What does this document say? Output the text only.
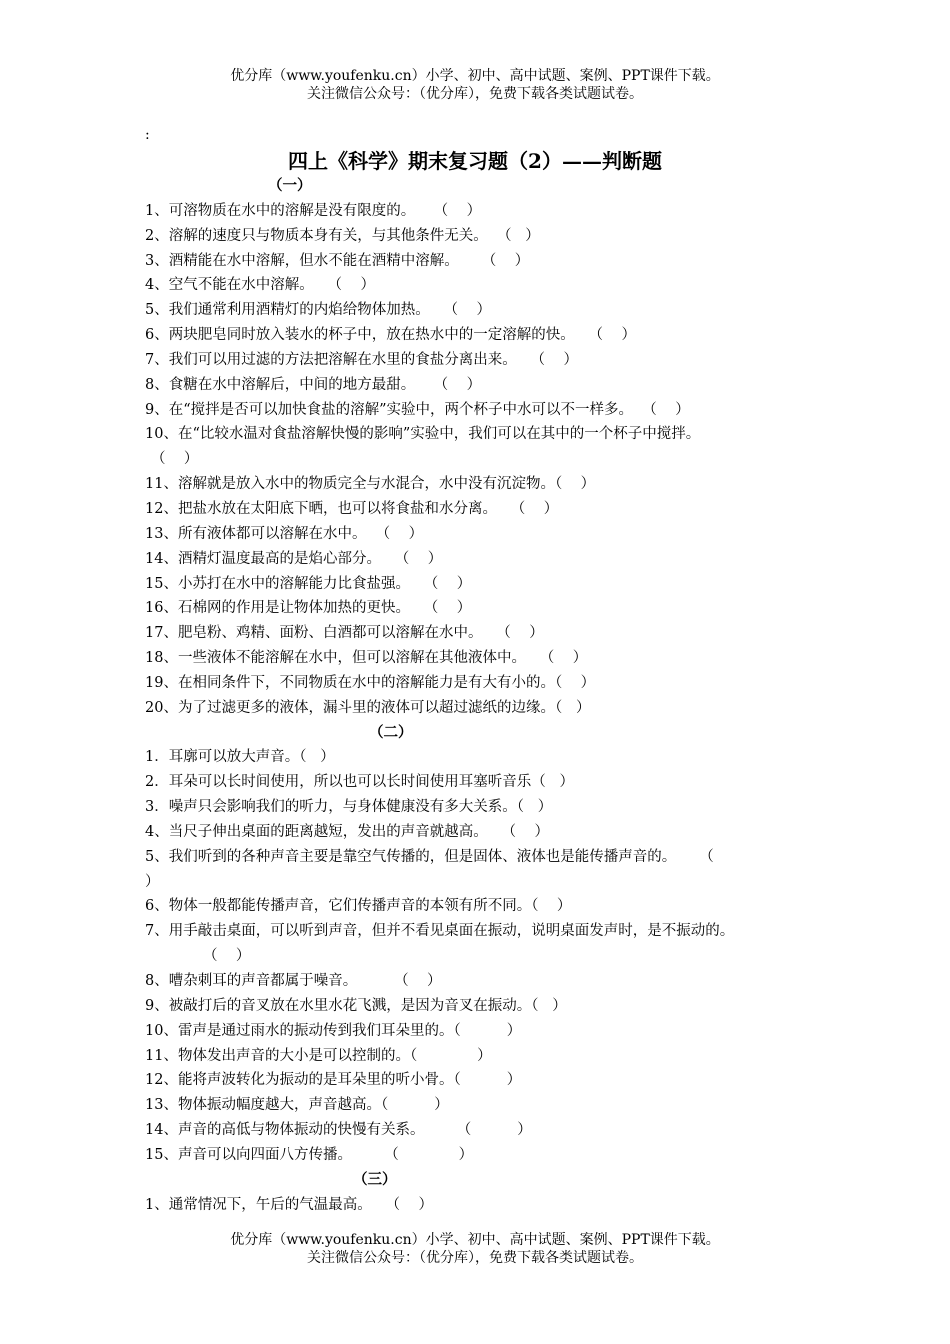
优分库（www.youfenku.cn）小学、初中、高中试题、案例、PPT课件下载。
关注微信公众号：（优分库），免费下载各类试题试卷。
:
四上《科学》期末复习题（2）——判断题
（一）
1、可溶物质在水中的溶解是没有限度的。    （    ）
2、溶解的速度只与物质本身有关，与其他条件无关。  （   ）
3、酒精能在水中溶解，但水不能在酒精中溶解。     （    ）
4、空气不能在水中溶解。   （    ）
5、我们通常利用酒精灯的内焰给物体加热。   （    ）
6、两块肥皂同时放入装水的杯子中，放在热水中的一定溶解的快。   （    ）
7、我们可以用过滤的方法把溶解在水里的食盐分离出来。   （    ）
8、食糖在水中溶解后，中间的地方最甜。    （    ）
9、在“搅拌是否可以加快食盐的溶解”实验中，两个杯子中水可以不一样多。  （    ）
10、在“比较水温对食盐溶解快慢的影响”实验中，我们可以在其中的一个杯子中搅拌。
（    ）
11、溶解就是放入水中的物质完全与水混合，水中没有沉淀物。（    ）
12、把盐水放在太阳底下晒，也可以将食盐和水分离。   （    ）
13、所有液体都可以溶解在水中。  （    ）
14、酒精灯温度最高的是焰心部分。   （    ）
15、小苏打在水中的溶解能力比食盐强。   （    ）
16、石棉网的作用是让物体加热的更快。   （    ）
17、肥皂粉、鸡精、面粉、白酒都可以溶解在水中。   （    ）
18、一些液体不能溶解在水中，但可以溶解在其他液体中。   （    ）
19、在相同条件下，不同物质在水中的溶解能力是有大有小的。（    ）
20、为了过滤更多的液体，漏斗里的液体可以超过滤纸的边缘。（   ）
（二）
1．耳廓可以放大声音。（   ）
2．耳朵可以长时间使用，所以也可以长时间使用耳塞听音乐（   ）
3．噪声只会影响我们的听力，与身体健康没有多大关系。（   ）
4、当尺子伸出桌面的距离越短，发出的声音就越高。   （    ）
5、我们听到的各种声音主要是靠空气传播的，但是固体、液体也是能传播声音的。     （
）
6、物体一般都能传播声音，它们传播声音的本领有所不同。（    ）
7、用手敲击桌面，可以听到声音，但并不看见桌面在振动，说明桌面发声时，是不振动的。
（    ）
8、嘈杂刺耳的声音都属于噪音。        （    ）
9、被敲打后的音叉放在水里水花飞溅，是因为音叉在振动。（   ）
10、雷声是通过雨水的振动传到我们耳朵里的。（          ）
11、物体发出声音的大小是可以控制的。（             ）
12、能将声波转化为振动的是耳朵里的听小骨。（          ）
13、物体振动幅度越大，声音越高。（          ）
14、声音的高低与物体振动的快慢有关系。       （          ）
15、声音可以向四面八方传播。       （             ）
（三）
1、通常情况下，午后的气温最高。   （    ）
优分库（www.youfenku.cn）小学、初中、高中试题、案例、PPT课件下载。
关注微信公众号：（优分库），免费下载各类试题试卷。
